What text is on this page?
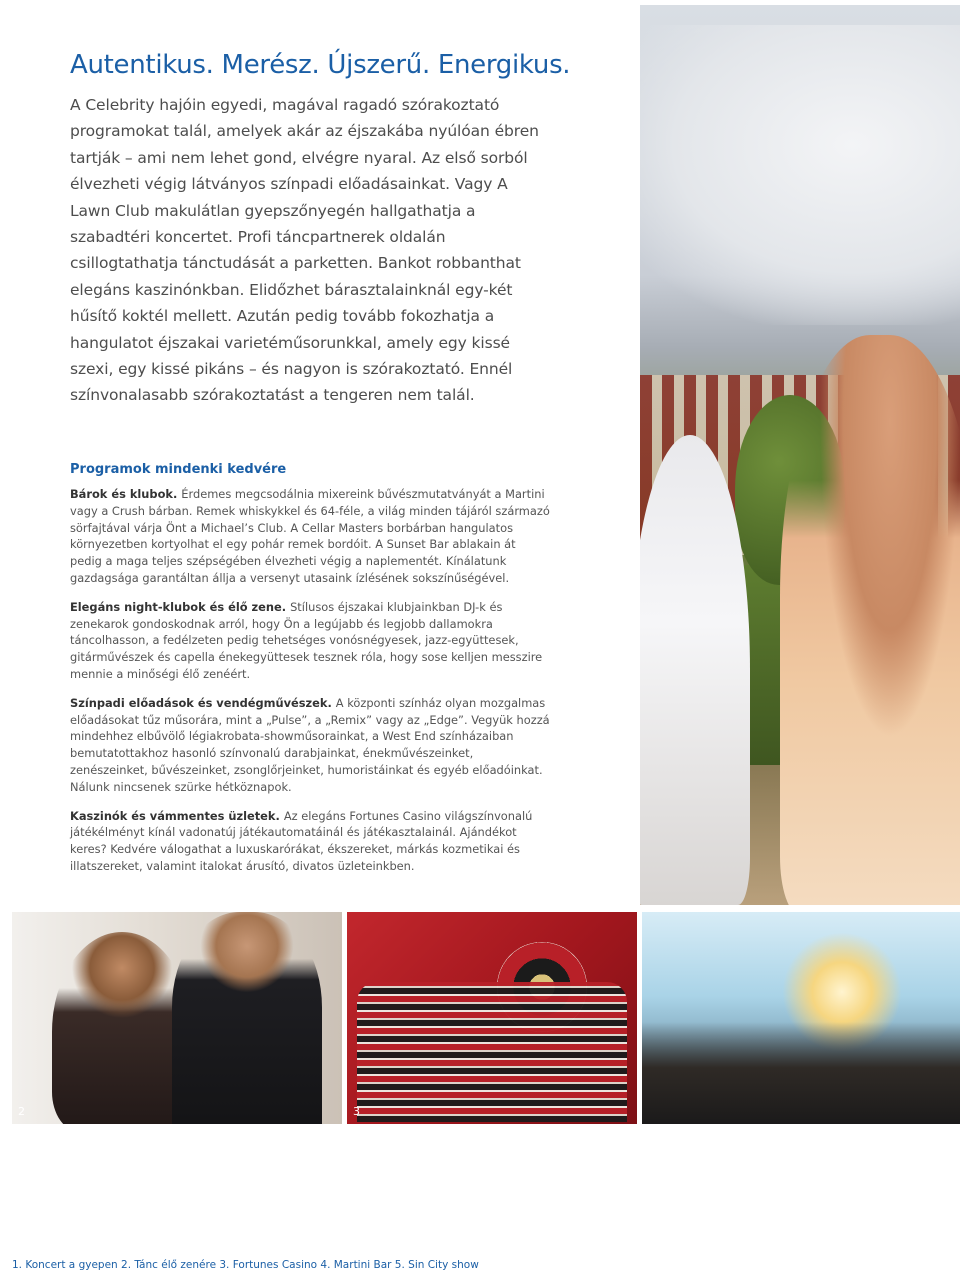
Autentikus. Merész. Újszerű. Energikus.

A Celebrity hajóin egyedi, magával ragadó szórakoztató programokat talál, amelyek akár az éjszakába nyúlóan ébren tartják – ami nem lehet gond, elvégre nyaral. Az első sorból élvezheti végig látványos színpadi előadásainkat. Vagy A Lawn Club makulátlan gyepszőnyegén hallgathatja a szabadtéri koncertet. Profi táncpartnerek oldalán csillogtathatja tánctudását a parketten. Bankot robbanthat elegáns kaszinónkban. Elidőzhet bárasztalainknál egy-két hűsítő koktél mellett. Azután pedig tovább fokozhatja a hangulatot éjszakai varietéműsorunkkal, amely egy kissé szexi, egy kissé pikáns – és nagyon is szórakoztató. Ennél színvonalasabb szórakoztatást a tengeren nem talál.

Programok mindenki kedvére

Bárok és klubok. Érdemes megcsodálnia mixereink bűvészmutatványát a Martini vagy a Crush bárban. Remek whiskykkel és 64-féle, a világ minden tájáról származó sörfajtával várja Önt a Michael’s Club. A Cellar Masters borbárban hangulatos környezetben kortyolhat el egy pohár remek bordóit. A Sunset Bar ablakain át pedig a maga teljes szépségében élvezheti végig a naplementét. Kínálatunk gazdagsága garantáltan állja a versenyt utasaink ízlésének sokszínűségével.

Elegáns night-klubok és élő zene. Stílusos éjszakai klubjainkban DJ-k és zenekarok gondoskodnak arról, hogy Ön a legújabb és legjobb dallamokra táncolhasson, a fedélzeten pedig tehetséges vonósnégyesek, jazz-együttesek, gitárművészek és capella énekegyüttesek tesznek róla, hogy sose kelljen messzire mennie a minőségi élő zenéért.

Színpadi előadások és vendégművészek. A központi színház olyan mozgalmas előadásokat tűz műsorára, mint a „Pulse”, a „Remix” vagy az „Edge”. Vegyük hozzá mindehhez elbűvölő légiakrobata-showműsorainkat, a West End színházaiban bemutatottakhoz hasonló színvonalú darabjainkat, énekművészeinket, zenészeinket, bűvészeinket, zsonglőrjeinket, humoristáinkat és egyéb előadóinkat. Nálunk nincsenek szürke hétköznapok.

Kaszinók és vámmentes üzletek. Az elegáns Fortunes Casino világszínvonalú játékélményt kínál vadonatúj játékautomatáinál és játékasztalainál. Ajándékot keres? Kedvére válogathat a luxuskarórákat, ékszereket, márkás kozmetikai és illatszereket, valamint italokat árusító, divatos üzleteinkben.

2	3

1. Koncert a gyepen 2. Tánc élő zenére 3. Fortunes Casino 4. Martini Bar 5. Sin City show
